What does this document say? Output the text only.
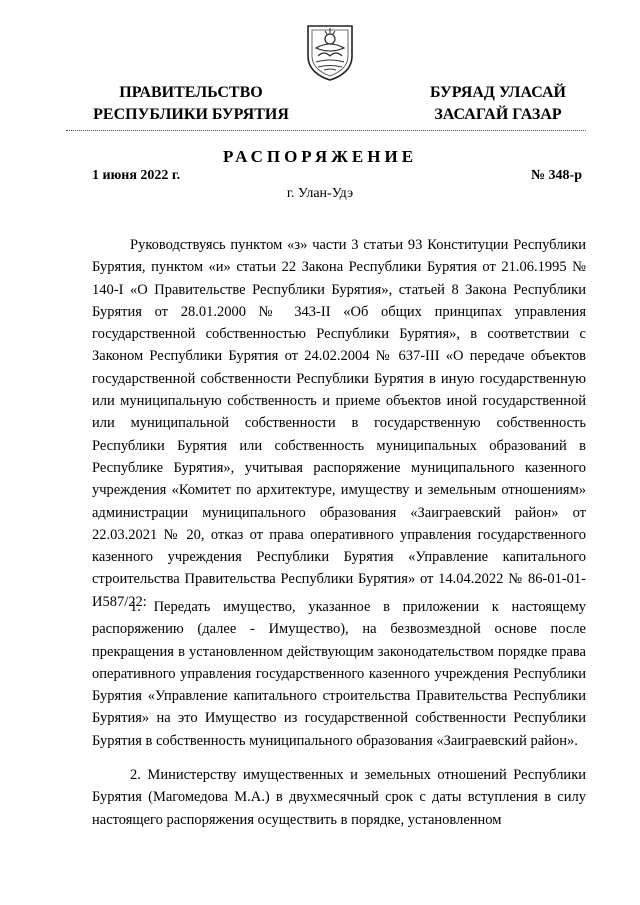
ПРАВИТЕЛЬСТВО
РЕСПУБЛИКИ БУРЯТИЯ
БУРЯАД УЛАСАЙ
ЗАСАГАЙ ГАЗАР
РАСПОРЯЖЕНИЕ
1 июня 2022 г.	№ 348-р
г. Улан-Удэ

Руководствуясь пунктом «з» части 3 статьи 93 Конституции Республики Бурятия, пунктом «и» статьи 22 Закона Республики Бурятия от 21.06.1995 № 140-I «О Правительстве Республики Бурятия», статьей 8 Закона Республики Бурятия от 28.01.2000 № 343-II «Об общих принципах управления государственной собственностью Республики Бурятия», в соответствии с Законом Республики Бурятия от 24.02.2004 № 637-III «О передаче объектов государственной собственности Республики Бурятия в иную государственную или муниципальную собственность и приеме объектов иной государственной или муниципальной собственности в государственную собственность Республики Бурятия или собственность муниципальных образований в Республике Бурятия», учитывая распоряжение муниципального казенного учреждения «Комитет по архитектуре, имуществу и земельным отношениям» администрации муниципального образования «Заиграевский район» от 22.03.2021 № 20, отказ от права оперативного управления государственного казенного учреждения Республики Бурятия «Управление капитального строительства Правительства Республики Бурятия» от 14.04.2022 № 86-01-01-И587/22:

1. Передать имущество, указанное в приложении к настоящему распоряжению (далее - Имущество), на безвозмездной основе после прекращения в установленном действующим законодательством порядке права оперативного управления государственного казенного учреждения Республики Бурятия «Управление капитального строительства Правительства Республики Бурятия» на это Имущество из государственной собственности Республики Бурятия в собственность муниципального образования «Заиграевский район».

2. Министерству имущественных и земельных отношений Республики Бурятия (Магомедова М.А.) в двухмесячный срок с даты вступления в силу настоящего распоряжения осуществить в порядке, установленном
